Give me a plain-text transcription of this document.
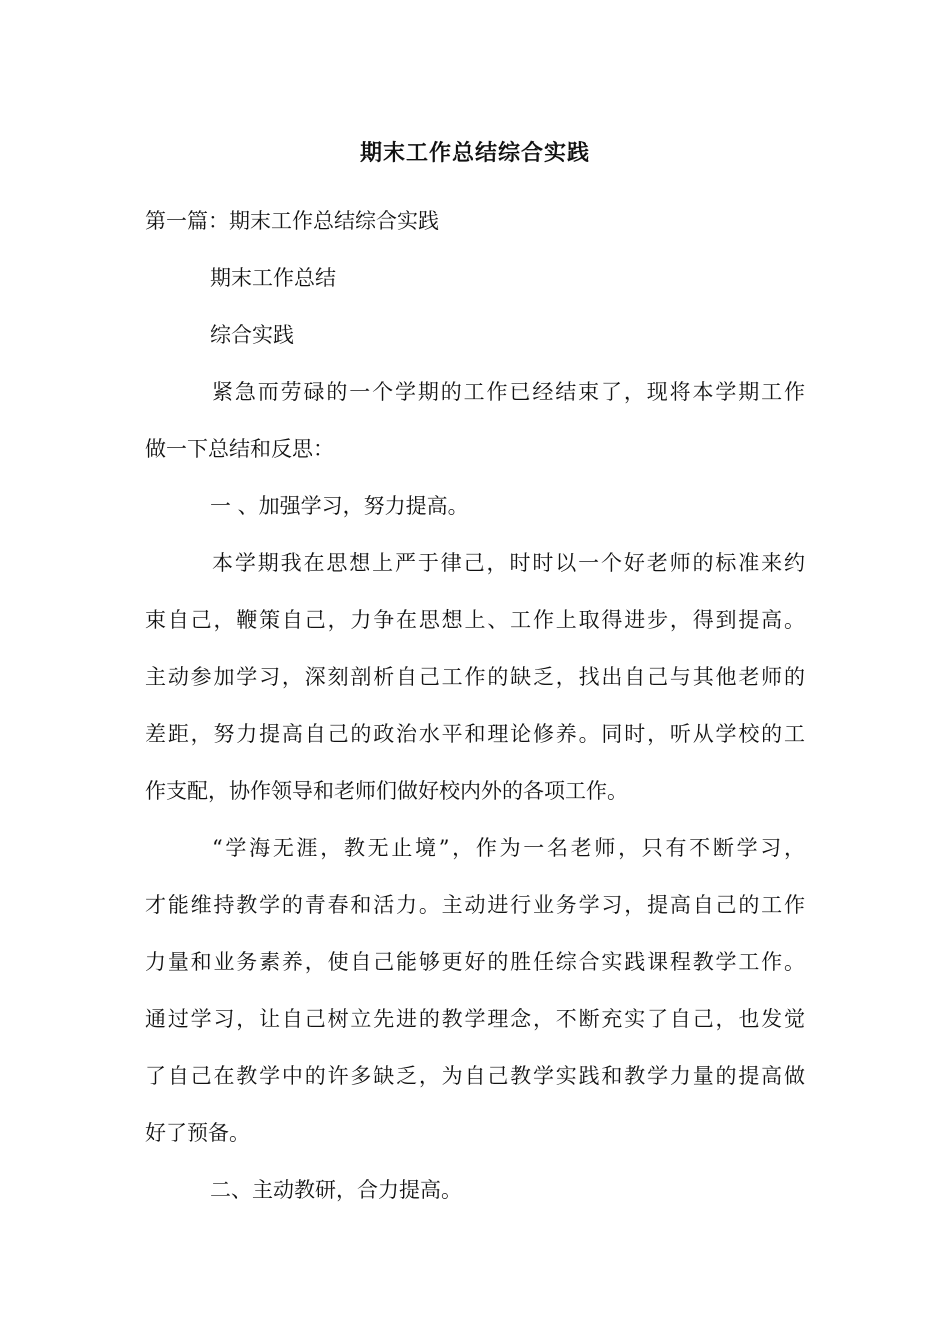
期末工作总结综合实践
第一篇：期末工作总结综合实践
期末工作总结
综合实践
紧急而劳碌的一个学期的工作已经结束了，现将本学期工作
做一下总结和反思：
一 、加强学习，努力提高。
本学期我在思想上严于律己，时时以一个好老师的标准来约
束自己，鞭策自己，力争在思想上、工作上取得进步，得到提高。
主动参加学习，深刻剖析自己工作的缺乏，找出自己与其他老师的
差距，努力提高自己的政治水平和理论修养。同时，听从学校的工
作支配，协作领导和老师们做好校内外的各项工作。
“学海无涯，教无止境”，作为一名老师，只有不断学习，
才能维持教学的青春和活力。主动进行业务学习，提高自己的工作
力量和业务素养，使自己能够更好的胜任综合实践课程教学工作。
通过学习，让自己树立先进的教学理念，不断充实了自己，也发觉
了自己在教学中的许多缺乏，为自己教学实践和教学力量的提高做
好了预备。
二、主动教研，合力提高。
